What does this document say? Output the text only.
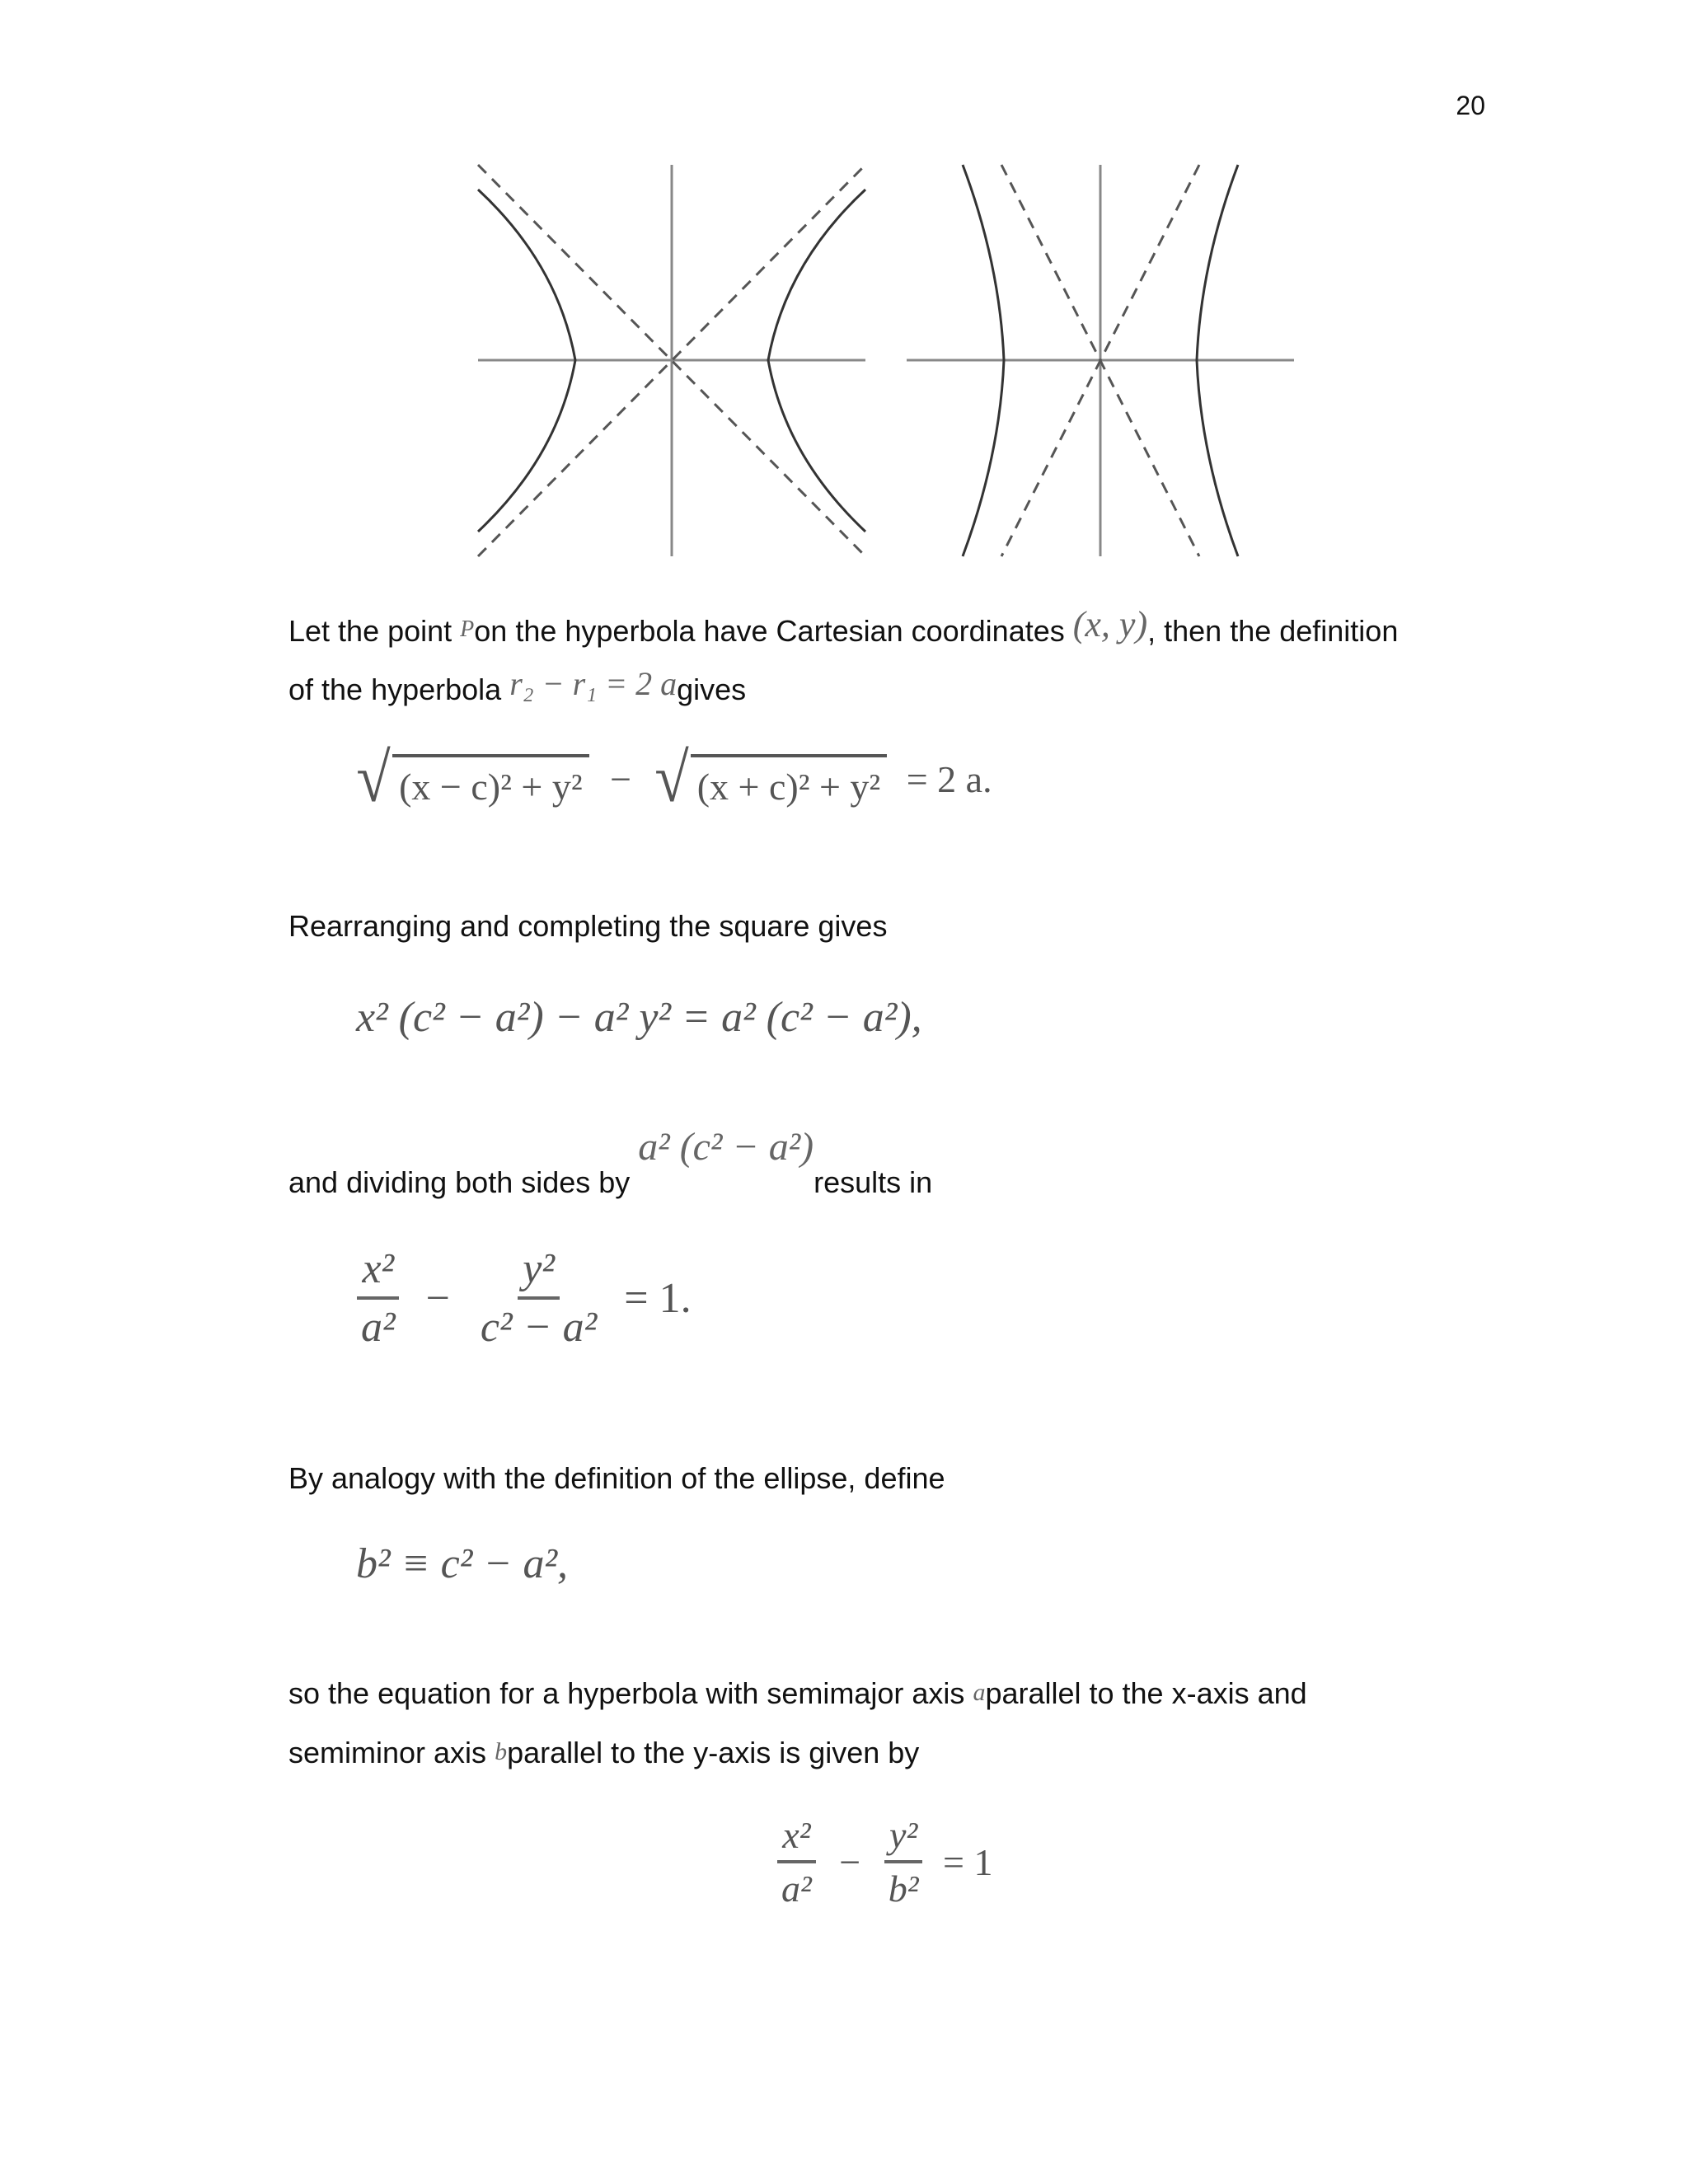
20
Let the point Pon the hyperbola have Cartesian coordinates (x, y), then the definition
of the hyperbola r₂ − r₁ = 2 agives
√ (x − c)² + y² − √ (x + c)² + y² = 2 a.
Rearranging and completing the square gives
x² (c² − a²) − a² y² = a² (c² − a²),
and dividing both sides by a² (c² − a²)results in
$\frac{\text{x²}}{\text{a²}} - \frac{\text{y²}}{\text{c² − a²}} = 1$.
By analogy with the definition of the ellipse, define
b² ≡ c² − a²,
so the equation for a hyperbola with semimajor axis aparallel to the x-axis and
semiminor axis bparallel to the y-axis is given by
$\frac{\text{x²}}{\text{a²}} - \frac{\text{y²}}{\text{b²}} = 1$
